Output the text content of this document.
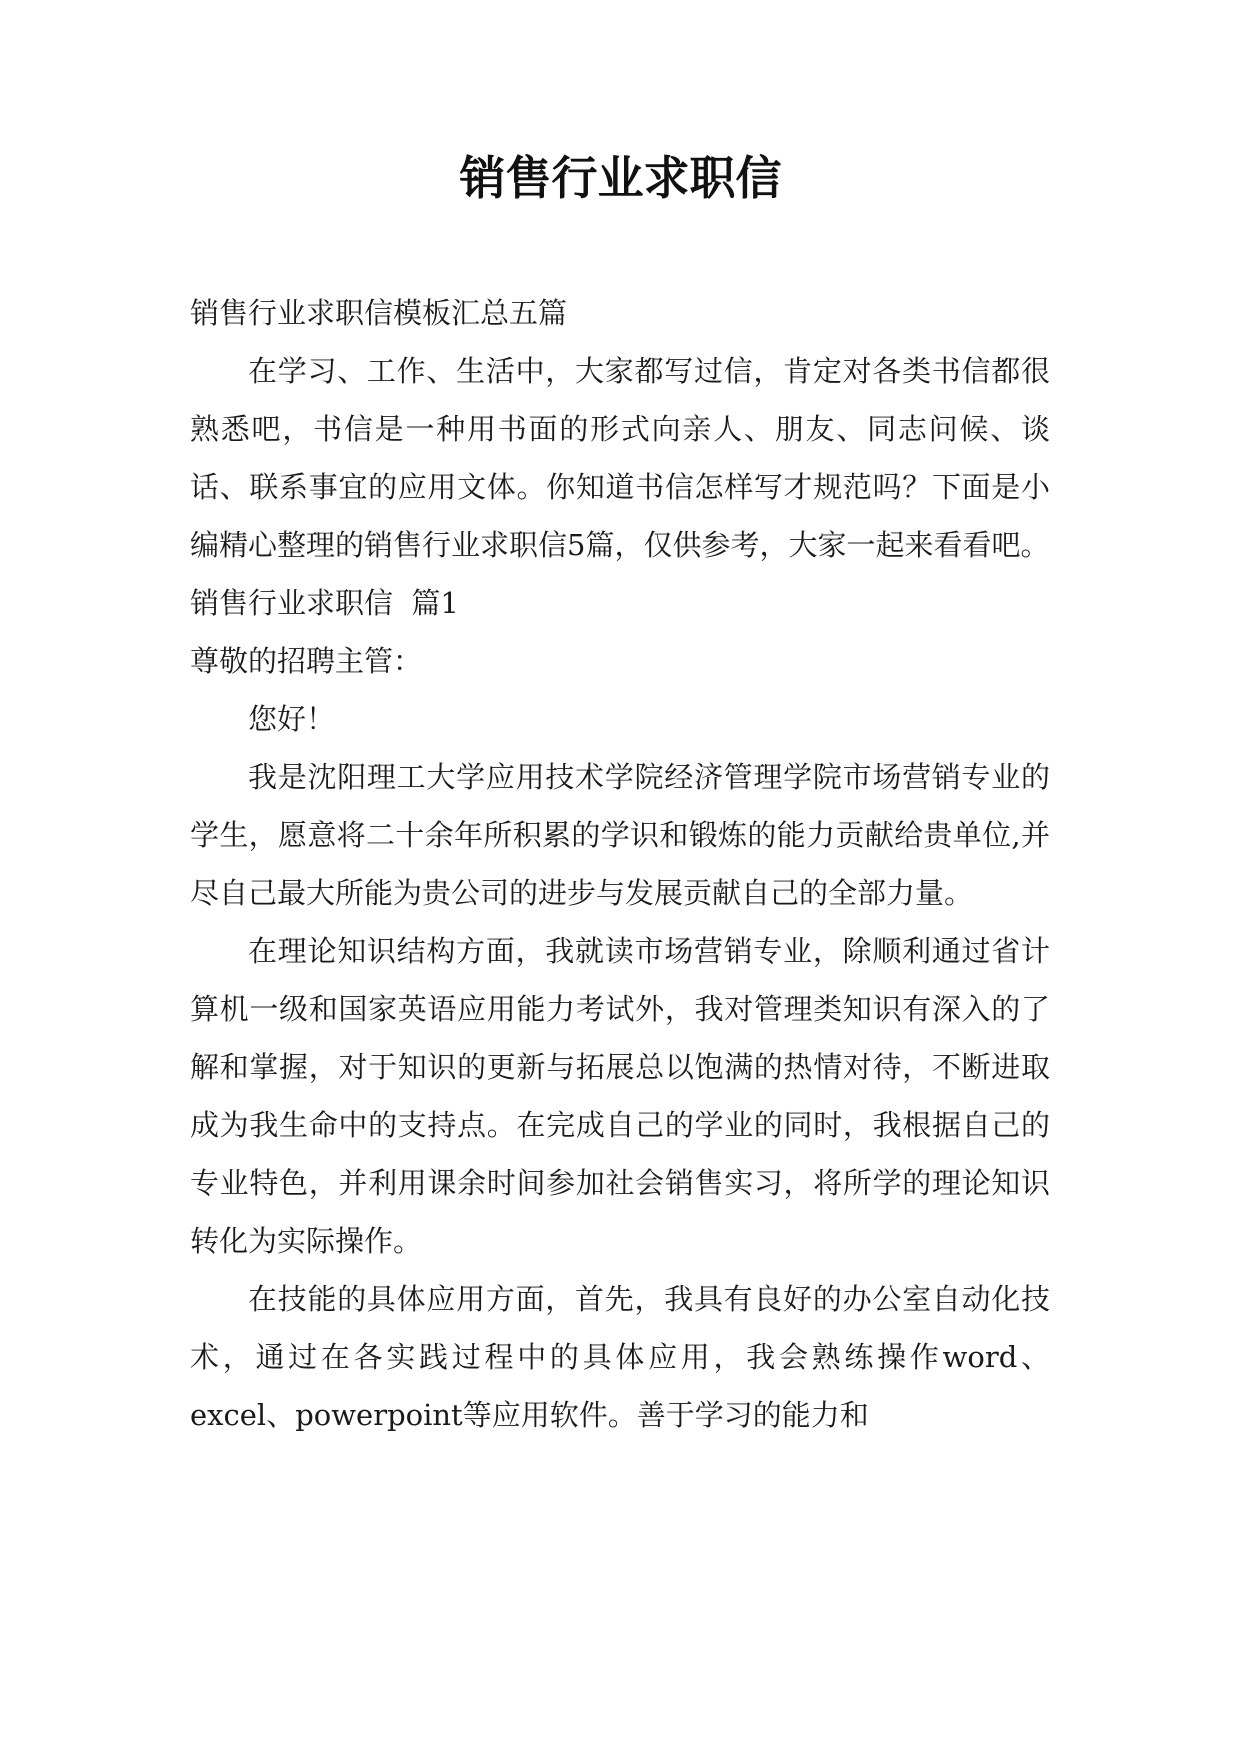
销售行业求职信

销售行业求职信模板汇总五篇

在学习、工作、生活中，大家都写过信，肯定对各类书信都很熟悉吧，书信是一种用书面的形式向亲人、朋友、同志问候、谈话、联系事宜的应用文体。你知道书信怎样写才规范吗？下面是小编精心整理的销售行业求职信5篇，仅供参考，大家一起来看看吧。

销售行业求职信  篇1

尊敬的招聘主管：

您好！

我是沈阳理工大学应用技术学院经济管理学院市场营销专业的学生，愿意将二十余年所积累的学识和锻炼的能力贡献给贵单位,并尽自己最大所能为贵公司的进步与发展贡献自己的全部力量。

在理论知识结构方面，我就读市场营销专业，除顺利通过省计算机一级和国家英语应用能力考试外，我对管理类知识有深入的了解和掌握，对于知识的更新与拓展总以饱满的热情对待，不断进取成为我生命中的支持点。在完成自己的学业的同时，我根据自己的专业特色，并利用课余时间参加社会销售实习，将所学的理论知识转化为实际操作。

在技能的具体应用方面，首先，我具有良好的办公室自动化技术，通过在各实践过程中的具体应用，我会熟练操作word、excel、powerpoint等应用软件。善于学习的能力和
